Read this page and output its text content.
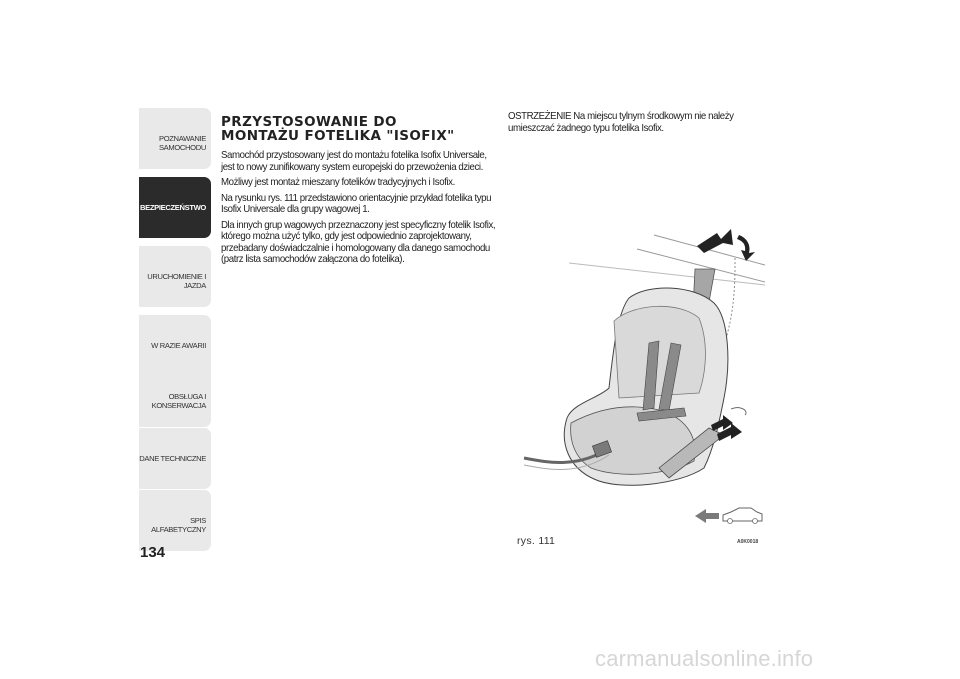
POZNAWANIE
SAMOCHODU
BEZPIECZEŃSTWO
URUCHOMIENIE I
JAZDA
W RAZIE AWARII
OBSŁUGA I
KONSERWACJA
DANE TECHNICZNE
SPIS ALFABETYCZNY
134
PRZYSTOSOWANIE DO
MONTAŻU FOTELIKA "ISOFIX"

Samochód przystosowany jest do montażu fotelika Isofix Universale, jest to nowy zunifikowany system europejski do przewożenia dzieci.

Możliwy jest montaż mieszany fotelików tradycyjnych i Isofix.

Na rysunku rys. 111 przedstawiono orientacyjnie przykład fotelika typu Isofix Universale dla grupy wagowej 1.

Dla innych grup wagowych przeznaczony jest specyficzny fotelik Isofix, którego można użyć tylko, gdy jest odpowiednio zaprojektowany, przebadany doświadczalnie i homologowany dla danego samochodu (patrz lista samochodów załączona do fotelika).

OSTRZEŻENIE Na miejscu tylnym środkowym nie należy umieszczać żadnego typu fotelika Isofix.

rys. 111	A0K0018
carmanualsonline.info
